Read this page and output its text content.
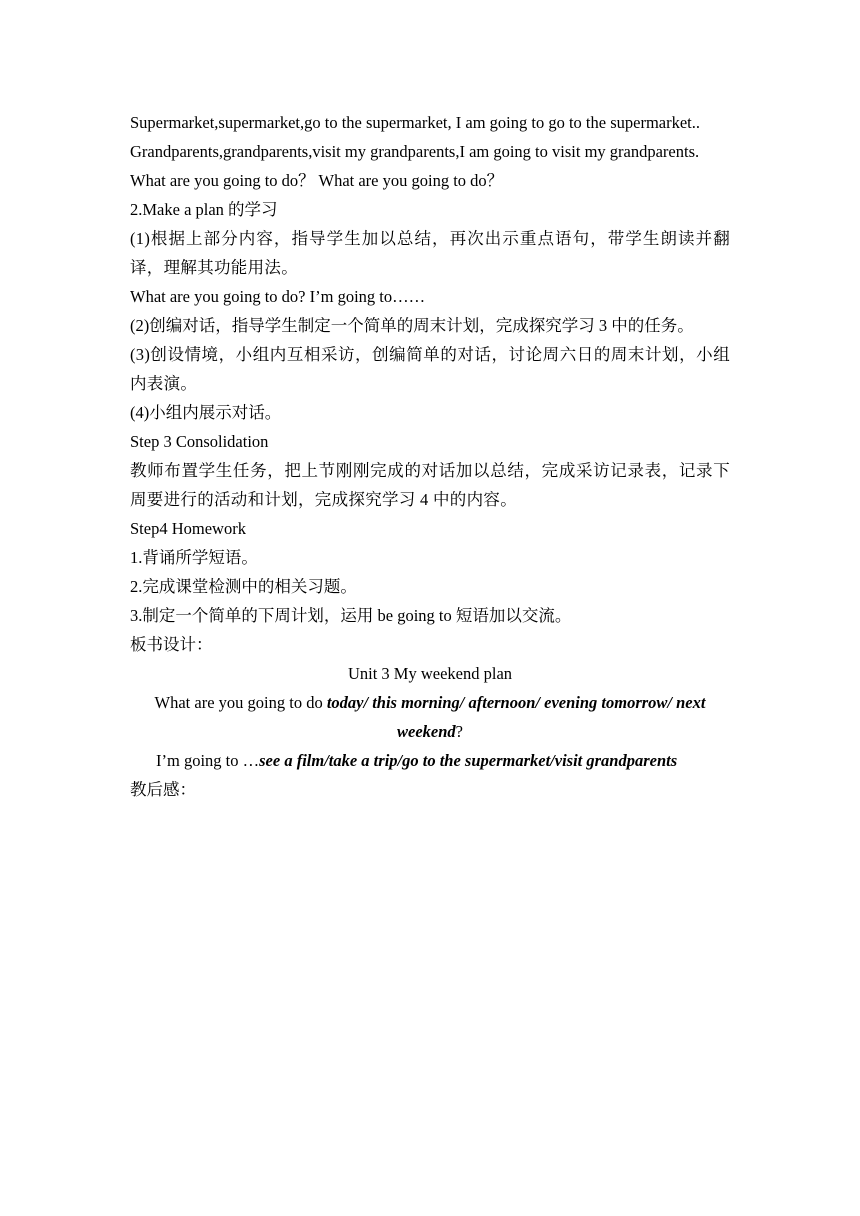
Supermarket,supermarket,go to the supermarket, I am going to go to the supermarket..

Grandparents,grandparents,visit my grandparents,I am going to visit my grandparents.

What are you going to do？ What are you going to do？

2.Make a plan 的学习

(1)根据上部分内容，指导学生加以总结，再次出示重点语句，带学生朗读并翻译，理解其功能用法。

What are you going to do? I’m going to……

(2)创编对话，指导学生制定一个简单的周末计划，完成探究学习 3 中的任务。

(3)创设情境，小组内互相采访，创编简单的对话，讨论周六日的周末计划，小组内表演。

(4)小组内展示对话。

Step 3 Consolidation

教师布置学生任务，把上节刚刚完成的对话加以总结，完成采访记录表，记录下周要进行的活动和计划，完成探究学习 4 中的内容。

Step4 Homework

1.背诵所学短语。

2.完成课堂检测中的相关习题。

3.制定一个简单的下周计划，运用 be going to 短语加以交流。

板书设计：

Unit 3 My weekend plan

What are you going to do today/ this morning/ afternoon/ evening tomorrow/ next

weekend?

I’m going to …see a film/take a trip/go to the supermarket/visit grandparents

教后感：
